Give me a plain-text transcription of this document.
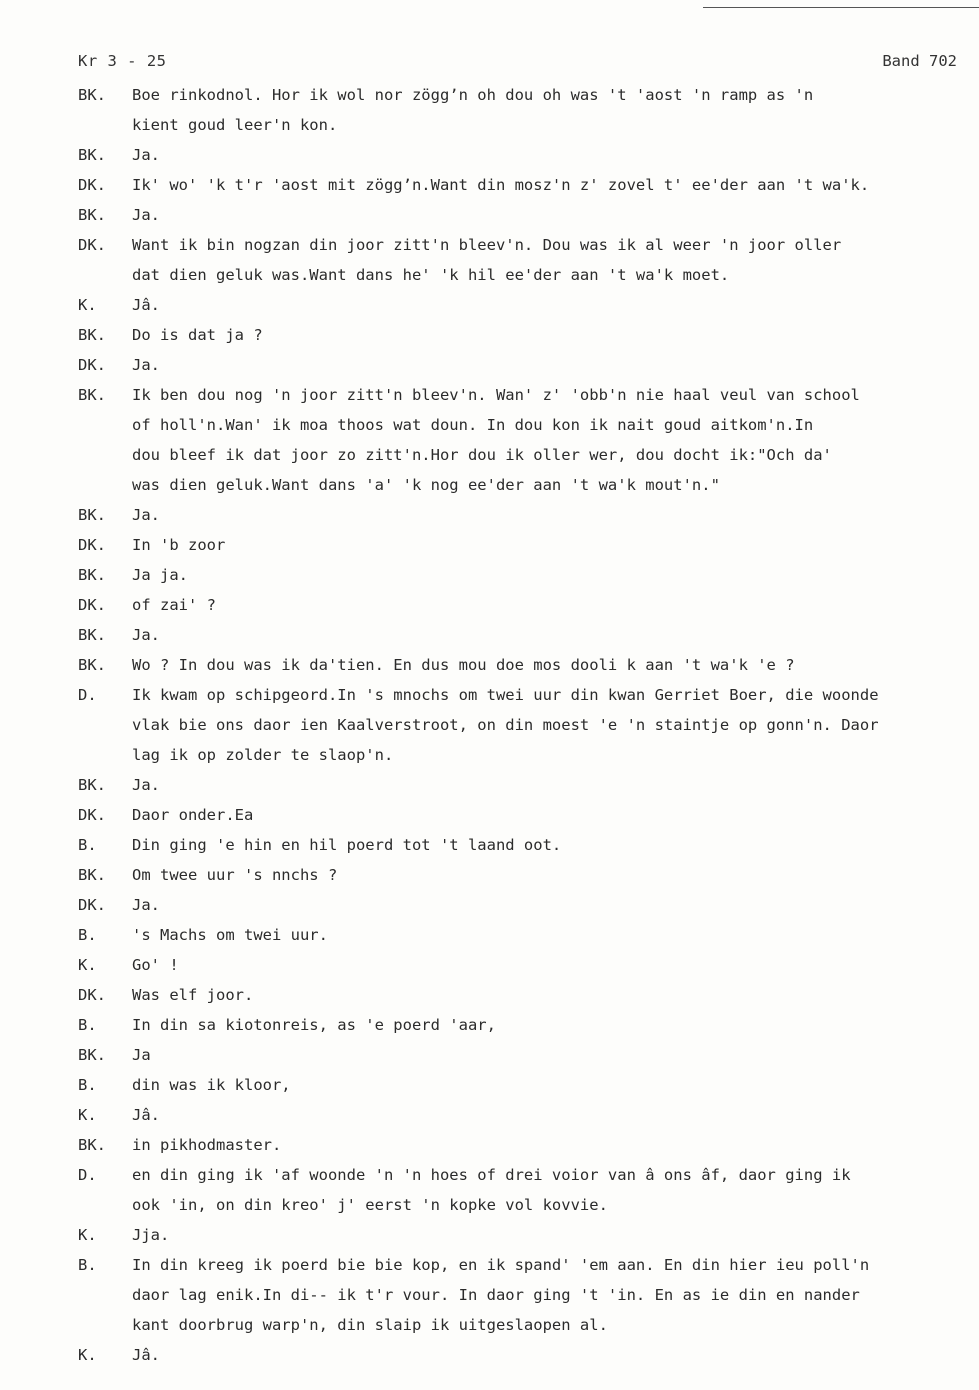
Kr 3 - 25	Band 702
BK.	Boe rinkodnol. Hor ik wol nor zöggʼn oh dou oh was 't 'aost 'n ramp as 'n
kient goud leer'n kon.
BK.	Ja.
DK.	Ik' wo' 'k t'r 'aost mit zöggʼn.Want din mosz'n z' zovel t' ee'der aan 't wa'k.
BK.	Ja.
DK.	Want ik bin nogzan din joor zitt'n bleev'n. Dou was ik al weer 'n joor oller
dat dien geluk was.Want dans he' 'k hil ee'der aan 't wa'k moet.
K.	Jâ.
BK.	Do is dat ja ?
DK.	Ja.
BK.	Ik ben dou nog 'n joor zitt'n bleev'n. Wan' z' 'obb'n nie haal veul van school
of holl'n.Wan' ik moa thoos wat doun. In dou kon ik nait goud aitkom'n.In
dou bleef ik dat joor zo zitt'n.Hor dou ik oller wer, dou docht ik:"Och da'
was dien geluk.Want dans 'a' 'k nog ee'der aan 't wa'k mout'n."
BK.	Ja.
DK.	In 'b zoor
BK.	Ja ja.
DK.	of zai' ?
BK.	Ja.
BK.	Wo ? In dou was ik da'tien. En dus mou doe mos dooli k aan 't wa'k 'e ?
D.	Ik kwam op schipgeord.In 's mnochs om twei uur din kwan Gerriet Boer, die woonde
vlak bie ons daor ien Kaalverstroot, on din moest 'e 'n staintje op gonn'n. Daor
lag ik op zolder te slaop'n.
BK.	Ja.
DK.	Daor onder.Ea
B.	Din ging 'e hin en hil poerd tot 't laand oot.
BK.	Om twee uur 's nnchs ?
DK.	Ja.
B.	's Machs om twei uur.
K.	Go' !
DK.	Was elf joor.
B.	In din sa kiotonreis, as 'e poerd 'aar,
BK.	Ja
B.	din was ik kloor,
K.	Jâ.
BK.	in pikhodmaster.
D.	en din ging ik 'af woonde 'n 'n hoes of drei voior van â ons âf, daor ging ik
ook 'in, on din kreo' j' eerst 'n kopke vol kovvie.
K.	Jja.
B.	In din kreeg ik poerd bie bie kop, en ik spand' 'em aan. En din hier ieu poll'n
daor lag enik.In di-- ik t'r vour. In daor ging 't 'in. En as ie din en nander
kant doorbrug warp'n, din slaip ik uitgeslaopen al.
K.	Jâ.
